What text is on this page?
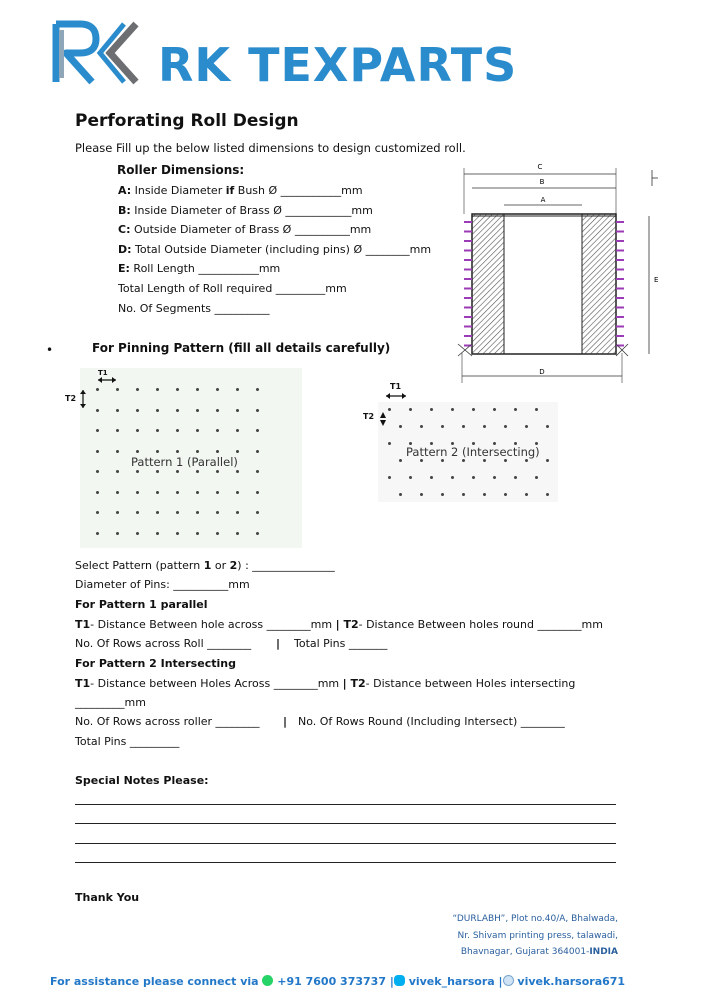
RK TEXPARTS
Perforating Roll Design
Please Fill up the below listed dimensions to design customized roll.
Roller Dimensions:
A: Inside Diameter if Bush Ø ___________mm
B: Inside Diameter of Brass Ø ____________mm
C: Outside Diameter of Brass Ø __________mm
D: Total Outside Diameter (including pins) Ø ________mm
E: Roll Length ___________mm
Total Length of Roll required _________mm
No. Of Segments __________
C
B
A
D
E
•	For Pinning Pattern (fill all details carefully)
T1
T2
Pattern 1 (Parallel)
T1
T2
Pattern 2 (Intersecting)
Select Pattern (pattern 1 or 2) : _______________
Diameter of Pins: __________mm
For Pattern 1 parallel
T1- Distance Between hole across ________mm | T2- Distance Between holes round ________mm
No. Of Rows across Roll ________ | Total Pins _______
For Pattern 2 Intersecting
T1- Distance between Holes Across ________mm | T2- Distance between Holes intersecting
_________mm
No. Of Rows across roller ________ | No. Of Rows Round (Including Intersect) ________
Total Pins _________
Special Notes Please:
Thank You
“DURLABH”, Plot no.40/A, Bhalwada,
Nr. Shivam printing press, talawadi,
Bhavnagar, Gujarat 364001-INDIA
For assistance please connect via  +91 7600 373737 | vivek_harsora | vivek.harsora671
